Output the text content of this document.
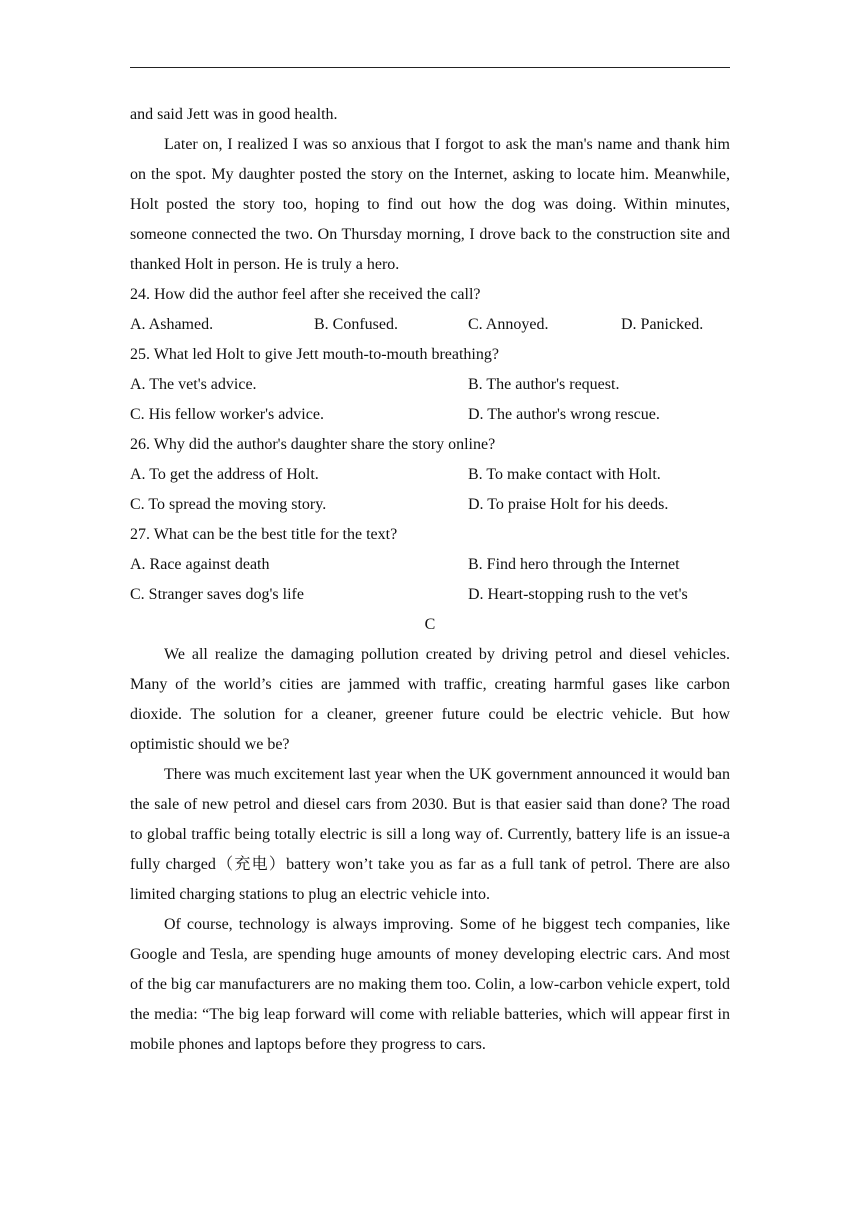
and said Jett was in good health.

Later on, I realized I was so anxious that I forgot to ask the man's name and thank him on the spot. My daughter posted the story on the Internet, asking to locate him. Meanwhile, Holt posted the story too, hoping to find out how the dog was doing. Within minutes, someone connected the two. On Thursday morning, I drove back to the construction site and thanked Holt in person. He is truly a hero.

24. How did the author feel after she received the call?
A. Ashamed.	B. Confused.	C. Annoyed.	D. Panicked.
25. What led Holt to give Jett mouth-to-mouth breathing?
A. The vet's advice.	B. The author's request.
C. His fellow worker's advice.	D. The author's wrong rescue.
26. Why did the author's daughter share the story online?
A. To get the address of Holt.	B. To make contact with Holt.
C. To spread the moving story.	D. To praise Holt for his deeds.
27. What can be the best title for the text?
A. Race against death	B. Find hero through the Internet
C. Stranger saves dog's life	D. Heart-stopping rush to the vet's
C

We all realize the damaging pollution created by driving petrol and diesel vehicles. Many of the world’s cities are jammed with traffic, creating harmful gases like carbon dioxide. The solution for a cleaner, greener future could be electric vehicle. But how optimistic should we be?

There was much excitement last year when the UK government announced it would ban the sale of new petrol and diesel cars from 2030. But is that easier said than done? The road to global traffic being totally electric is sill a long way of. Currently, battery life is an issue-a fully charged（充电）battery won’t take you as far as a full tank of petrol. There are also limited charging stations to plug an electric vehicle into.

Of course, technology is always improving. Some of he biggest tech companies, like Google and Tesla, are spending huge amounts of money developing electric cars. And most of the big car manufacturers are no making them too. Colin, a low-carbon vehicle expert, told the media: “The big leap forward will come with reliable batteries, which will appear first in mobile phones and laptops before they progress to cars.
